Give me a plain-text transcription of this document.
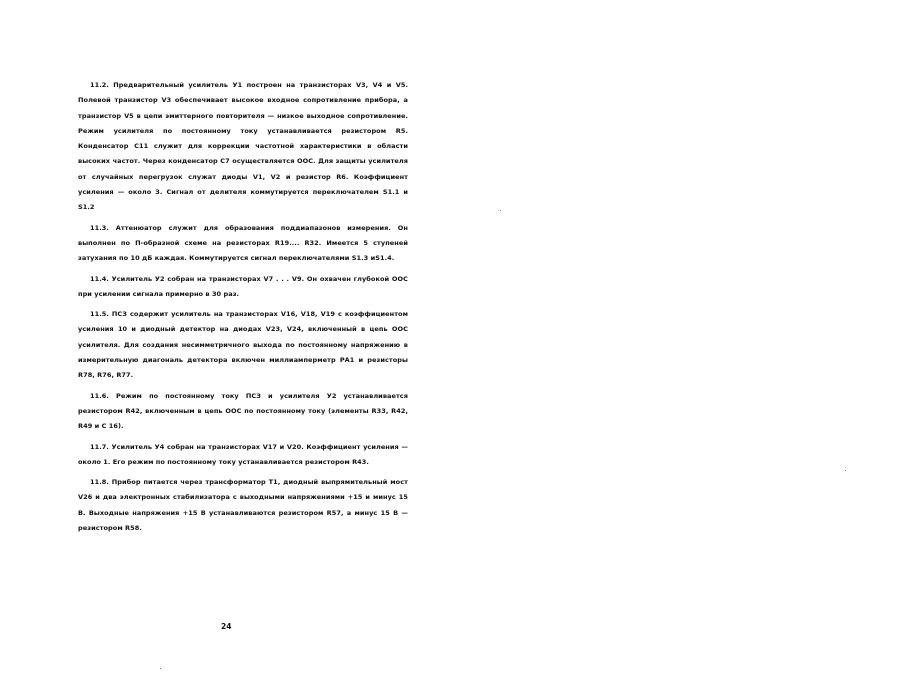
11.2. Предварительный усилитель У1 построен на транзисторах V3, V4 и V5. Полевой транзистор V3 обеспечивает высокое входное сопротивление прибора, а транзистор V5 в цепи эмиттерного повторителя — низкое выходное сопротивление. Режим усилителя по постоянному току устанавливается резистором R5. Конденсатор С11 служит для коррекции частотной характеристики в области высоких частот. Через конденсатор С7 осуществляется ООС. Для защиты усилителя от случайных перегрузок служат диоды V1, V2 и резистор R6. Коэффициент усиления — около 3. Сигнал от делителя коммутируется переключателем S1.1 и S1.2

11.3. Аттенюатор служит для образования поддиапазонов измерения. Он выполнен по П-образной схеме на резисторах R19.... R32. Имеется 5 ступеней затухания по 10 дБ каждая. Коммутируется сигнал переключателями S1.3 иS1.4.

11.4. Усилитель У2 собран на транзисторах V7 . . . V9. Он охвачен глубокой ООС при усилении сигнала примерно в 30 раз.

11.5. ПСЗ содержит усилитель на транзисторах V16, V18, V19 с коэффициентом усиления 10 и диодный детектор на диодах V23, V24, включенный в цепь ООС усилителя. Для создания несимметричного выхода по постоянному напряжению в измерительную диагональ детектора включен миллиамперметр РА1 и резисторы R78, R76, R77.

11.6. Режим по постоянному току ПСЗ и усилителя У2 устанавливается резистором R42, включенным в цепь ООС по постоянному току (элементы R33, R42, R49 и С 16).

11.7. Усилитель У4 собран на транзисторах V17 и V20. Коэффициент усиления — около 1. Его режим по постоянному току устанавливается резистором R43.

11.8. Прибор питается через трансформатор Т1, диодный выпрямительный мост V26 и два электронных стабилизатора с выходными напряжениями +15 и минус 15 В. Выходные напряжения +15 В устанавливаются резистором R57, а минус 15 В — резистором R58.

24
